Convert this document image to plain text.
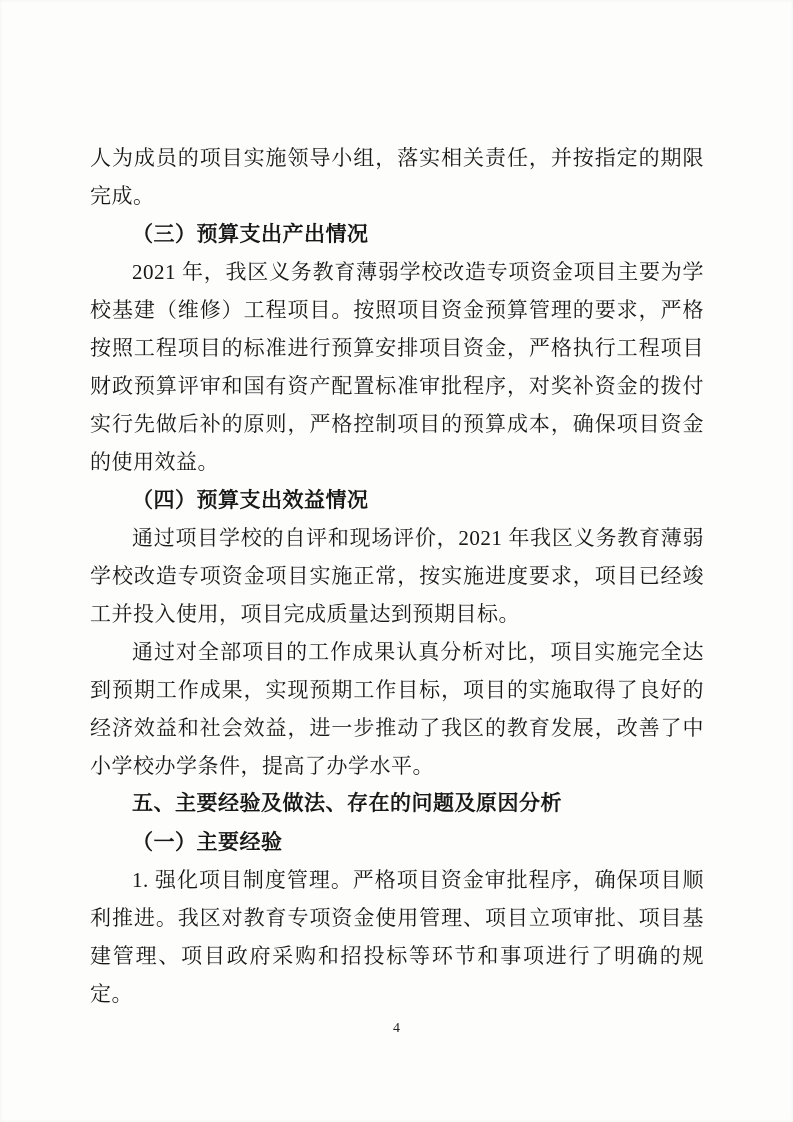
人为成员的项目实施领导小组，落实相关责任，并按指定的期限完成。

（三）预算支出产出情况

2021 年，我区义务教育薄弱学校改造专项资金项目主要为学校基建（维修）工程项目。按照项目资金预算管理的要求，严格按照工程项目的标准进行预算安排项目资金，严格执行工程项目财政预算评审和国有资产配置标准审批程序，对奖补资金的拨付实行先做后补的原则，严格控制项目的预算成本，确保项目资金的使用效益。

（四）预算支出效益情况

通过项目学校的自评和现场评价，2021 年我区义务教育薄弱学校改造专项资金项目实施正常，按实施进度要求，项目已经竣工并投入使用，项目完成质量达到预期目标。

通过对全部项目的工作成果认真分析对比，项目实施完全达到预期工作成果，实现预期工作目标，项目的实施取得了良好的经济效益和社会效益，进一步推动了我区的教育发展，改善了中小学校办学条件，提高了办学水平。

五、主要经验及做法、存在的问题及原因分析

（一）主要经验

1. 强化项目制度管理。严格项目资金审批程序，确保项目顺利推进。我区对教育专项资金使用管理、项目立项审批、项目基建管理、项目政府采购和招投标等环节和事项进行了明确的规定。

4
